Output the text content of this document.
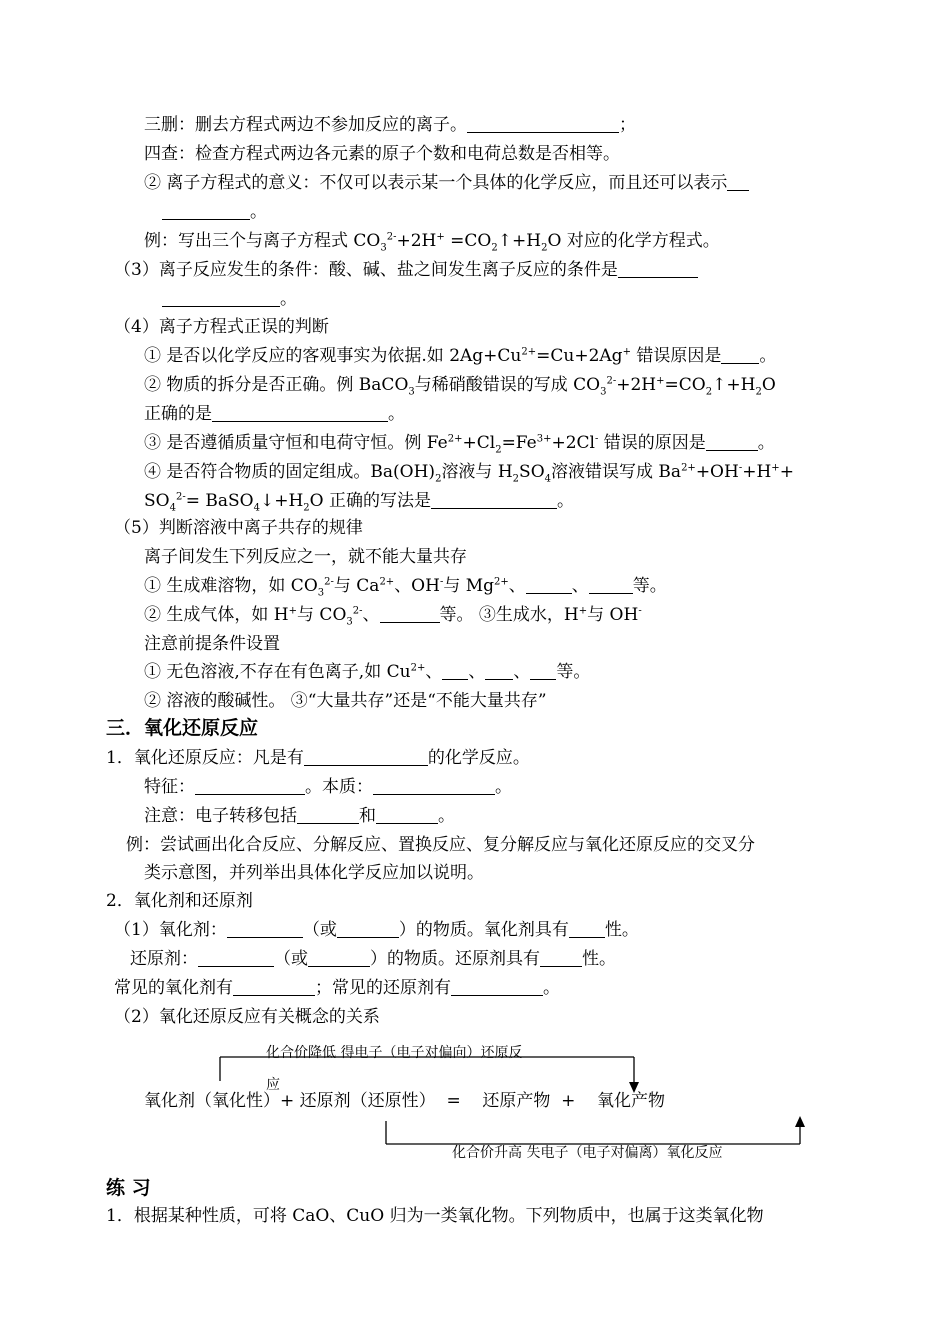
三删：删去方程式两边不参加反应的离子。	；
四查：检查方程式两边各元素的原子个数和电荷总数是否相等。
② 离子方程式的意义：不仅可以表示某一个具体的化学反应，而且还可以表示
。
例：写出三个与离子方程式 $CO_3^{2-}+2H^+$ $=CO_2↑+H_2O$ 对应的化学方程式。
（3）离子反应发生的条件：酸、碱、盐之间发生离子反应的条件是
。
（4）离子方程式正误的判断
① 是否以化学反应的客观事实为依据.如 $2Ag+Cu^{2+}=Cu+2Ag^+$ 错误原因是 。
② 物质的拆分是否正确。例 BaCO$_3$与稀硝酸错误的写成 $CO_3^{2-}+2H^+=CO_2↑+H_2O$
正确的是	。
③ 是否遵循质量守恒和电荷守恒。例 $Fe^{2+}+Cl_2=Fe^{3+}+2Cl^-$ 错误的原因是	。
④ 是否符合物质的固定组成。$Ba(OH)_2$溶液与 $H_2SO_4$溶液错误写成 $Ba^{2+}+OH^-+H^++$
$SO_4^{2-}=$ $BaSO_4↓+H_2O$ 正确的写法是	。
（5）判断溶液中离子共存的规律
离子间发生下列反应之一，就不能大量共存
① 生成难溶物，如 $CO_3^{2-}$与 $Ca^{2+}$、OH-与 $Mg^{2+}$、	、	等。
② 生成气体，如 H+与 $CO_3^{2-}$、	等。 ③生成水，H+与 OH-
注意前提条件设置
① 无色溶液,不存在有色离子,如 $Cu^{2+}$、 、 、 等。
② 溶液的酸碱性。 ③“大量共存”还是“不能大量共存”
三．氧化还原反应
1．氧化还原反应：凡是有	的化学反应。
特征：	。本质：	。
注意：电子转移包括	和	。
例：尝试画出化合反应、分解反应、置换反应、复分解反应与氧化还原反应的交叉分
类示意图，并列举出具体化学反应加以说明。
2．氧化剂和还原剂
（1）氧化剂：	（或	）的物质。氧化剂具有 性。
还原剂：	（或	）的物质。还原剂具有 性。
常见的氧化剂有	；常见的还原剂有	。
（2）氧化还原反应有关概念的关系
化合价降低 得电子（电子对偏向）还原反
应
氧化剂（氧化性）+ 还原剂（还原性）  =    还原产物  +    氧化产物
化合价升高 失电子（电子对偏离）氧化反应
练 习
1．根据某种性质，可将 CaO、CuO 归为一类氧化物。下列物质中，也属于这类氧化物
